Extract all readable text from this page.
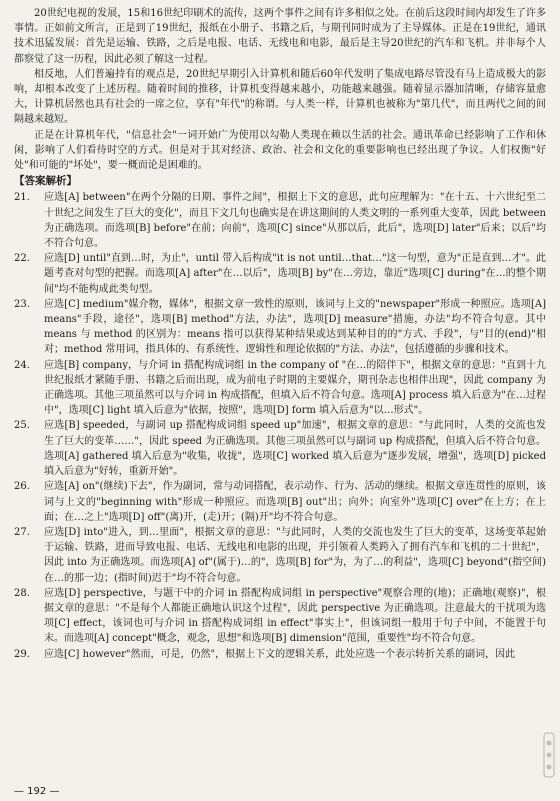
20世纪电视的发展，15和16世纪印刷术的流传，这两个事件之间有许多相似之处。在前后这段时间内却发生了许多事情。正如前文所言，正是到了19世纪，报纸在小册子、书籍之后，与期刊同时成为了主导媒体。正是在19世纪，通讯技术迅猛发展：首先是运输、铁路，之后是电报、电话、无线电和电影，最后是主导20世纪的汽车和飞机。并非每个人都察觉了这一历程，因此必须了解这一过程。

相反地，人们普遍持有的观点是，20世纪早期引入计算机和随后60年代发明了集成电路尽管没有马上造成极大的影响，却根本改变了上述历程。随着时间的推移，计算机变得越来越小，功能越来越强。随着显示器加清晰，存储容量愈大，计算机居然也具有社会的一席之位，享有"年代"的称谓。与人类一样，计算机也被称为"第几代"，而且两代之间的间隔越来越短。

正是在计算机年代，"信息社会"一词开始广为使用以勾勒人类现在赖以生活的社会。通讯革命已经影响了工作和休闲，影响了人们看待时空的方式。但是对于其对经济、政治、社会和文化的重要影响也已经出现了争议。人们权衡"好处"和可能的"坏处"，要一概而论是困难的。

【答案解析】

21. 应选[A] between"在两个分隔的日期、事件之间"，根据上下文的意思，此句应理解为："在十五、十六世纪至二十世纪之间发生了巨大的变化"，而且下文几句也确实是在讲这期间的人类文明的一系列重大变革，因此 between 为正确选项。而选项[B] before"在前；向前"，选项[C] since"从那以后，此后"，选项[D] later"后来；以后"均不符合句意。

22. 应选[D] until"直到…时，为止"，until 带入后构成"it is not until…that…"这一句型，意为"正是直到…才"。此题考查对句型的把握。而选项[A] after"在…以后"，选项[B] by"在…旁边，靠近"选项[C] during"在…的整个期间"均不能构成此类句型。

23. 应选[C] medium"媒介物，媒体"，根据文章一致性的原则，该词与上文的"newspaper"形成一种照应。选项[A] means"手段，途径"，选项[B] method"方法，办法"，选项[D] measure"措施，办法"均不符合句意。其中 means 与 method 的区别为：means 指可以获得某种结果或达到某种目的的"方式、手段"，与"目的(end)"相对；method 常用词，指具体的、有系统性、逻辑性和理论依据的"方法、办法"，包括遵循的步骤和技术。

24. 应选[B] company，与介词 in 搭配构成词组 in the company of "在…的陪伴下"，根据文章的意思："直到十九世纪报纸才紧随手册、书籍之后而出现，成为前电子时期的主要媒介，期刊杂志也相伴出现"，因此 company 为正确选项。其他三项虽然可以与介词 in 构成搭配，但填入后不符合句意。选项[A] process 填入后意为"在…过程中"，选项[C] light 填入后意为"依据，按照"，选项[D] form 填入后意为"以…形式"。

25. 应选[B] speeded，与副词 up 搭配构成词组 speed up"加速"，根据文章的意思："与此同时，人类的交流也发生了巨大的变革……"，因此 speed 为正确选项。其他三项虽然可以与副词 up 构成搭配，但填入后不符合句意。选项[A] gathered 填入后意为"收集，收拢"，选项[C] worked 填入后意为"逐步发展，增强"，选项[D] picked 填入后意为"好转，重新开始"。

26. 应选[A] on"(继续)下去"，作为副词，常与动词搭配，表示动作、行为、活动的继续。根据文章连贯性的原则，该词与上文的"beginning with"形成一种照应。而选项[B] out"出；向外；向室外"选项[C] over"在上方；在上面；在…之上"选项[D] off"(离)开，(走)开；(隔)开"均不符合句意。

27. 应选[D] into"进入，到…里面"，根据文章的意思："与此同时，人类的交流也发生了巨大的变革，这场变革起始于运输、铁路，进而导致电报、电话、无线电和电影的出现，并引领着人类跨入了拥有汽车和飞机的二十世纪"，因此 into 为正确选项。而选项[A] of"(属于)…的"，选项[B] for"为，为了…的利益"，选项[C] beyond"(指空间)在…的那一边；(指时间)迟于"均不符合句意。

28. 应选[D] perspective，与题干中的介词 in 搭配构成词组 in perspective"观察合理的(地)；正确地(观察)"，根据文章的意思："不是每个人都能正确地认识这个过程"，因此 perspective 为正确选项。注意最大的干扰项为选项[C] effect，该词也可与介词 in 搭配构成词组 in effect"事实上"，但该词组一般用于句子中间，不能置于句末。而选项[A] concept"概念，观念，思想"和选项[B] dimension"范围，重要性"均不符合句意。

29. 应选[C] however"然而，可是，仍然"，根据上下文的逻辑关系，此处应选一个表示转折关系的副词，因此

— 192 —
